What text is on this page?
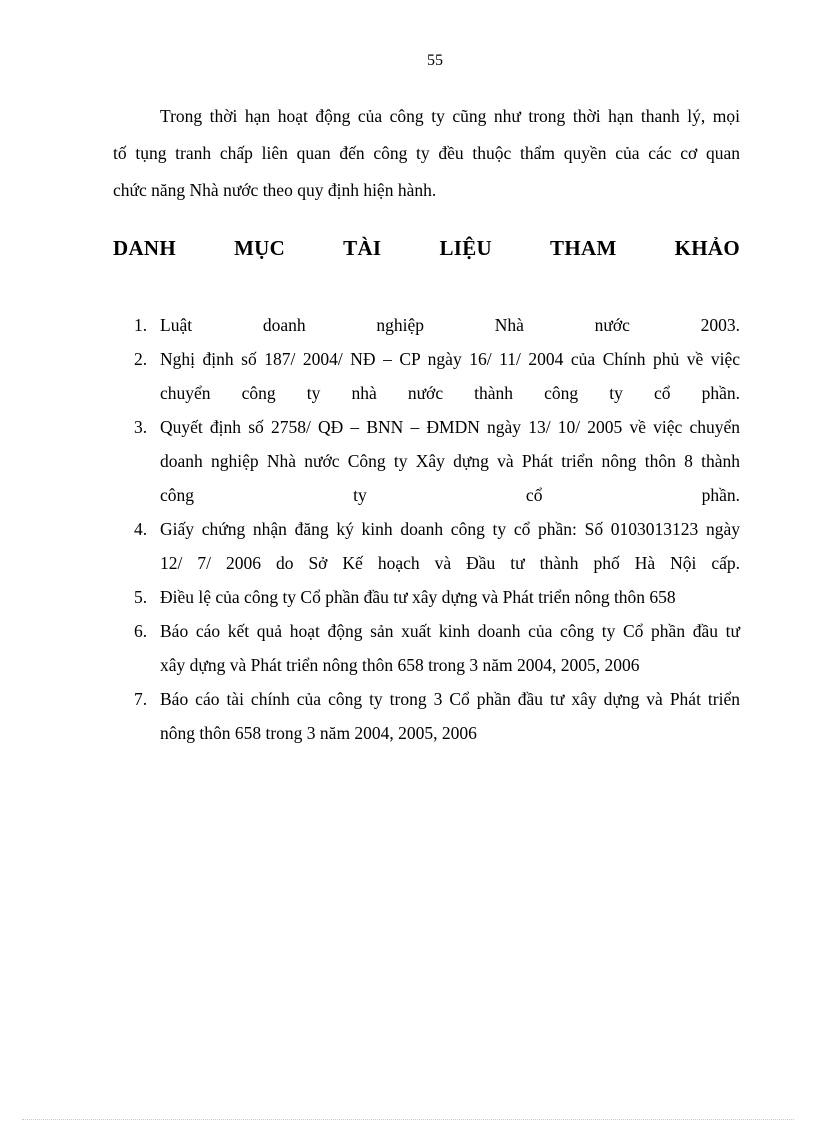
55
Trong thời hạn hoạt động của công ty cũng như trong thời hạn thanh lý, mọi
tố tụng tranh chấp liên quan đến công ty đều thuộc thẩm quyền của các cơ quan
chức năng Nhà nước theo quy định hiện hành.
DANH	MỤC	TÀI	LIỆU	THAM	KHẢO
1. Luật doanh nghiệp Nhà nước 2003.
2. Nghị định số 187/ 2004/ NĐ – CP ngày 16/ 11/ 2004 của Chính phủ về việc
chuyển công ty nhà nước thành công ty cổ phần.
3. Quyết định số 2758/ QĐ – BNN – ĐMDN ngày 13/ 10/ 2005 về việc chuyển
doanh nghiệp Nhà nước Công ty Xây dựng và Phát triển nông thôn 8 thành
công ty cổ phần.
4. Giấy chứng nhận đăng ký kinh doanh công ty cổ phần: Số 0103013123 ngày
12/ 7/ 2006 do Sở Kế hoạch và Đầu tư thành phố Hà Nội cấp.
5. Điều lệ của công ty Cổ phần đầu tư xây dựng và Phát triển nông thôn 658
6. Báo cáo kết quả hoạt động sản xuất kinh doanh của công ty Cổ phần đầu tư
xây dựng và Phát triển nông thôn 658 trong 3 năm 2004, 2005, 2006
7. Báo cáo tài chính của công ty trong 3 Cổ phần đầu tư xây dựng và Phát triển
nông thôn 658 trong 3 năm 2004, 2005, 2006
